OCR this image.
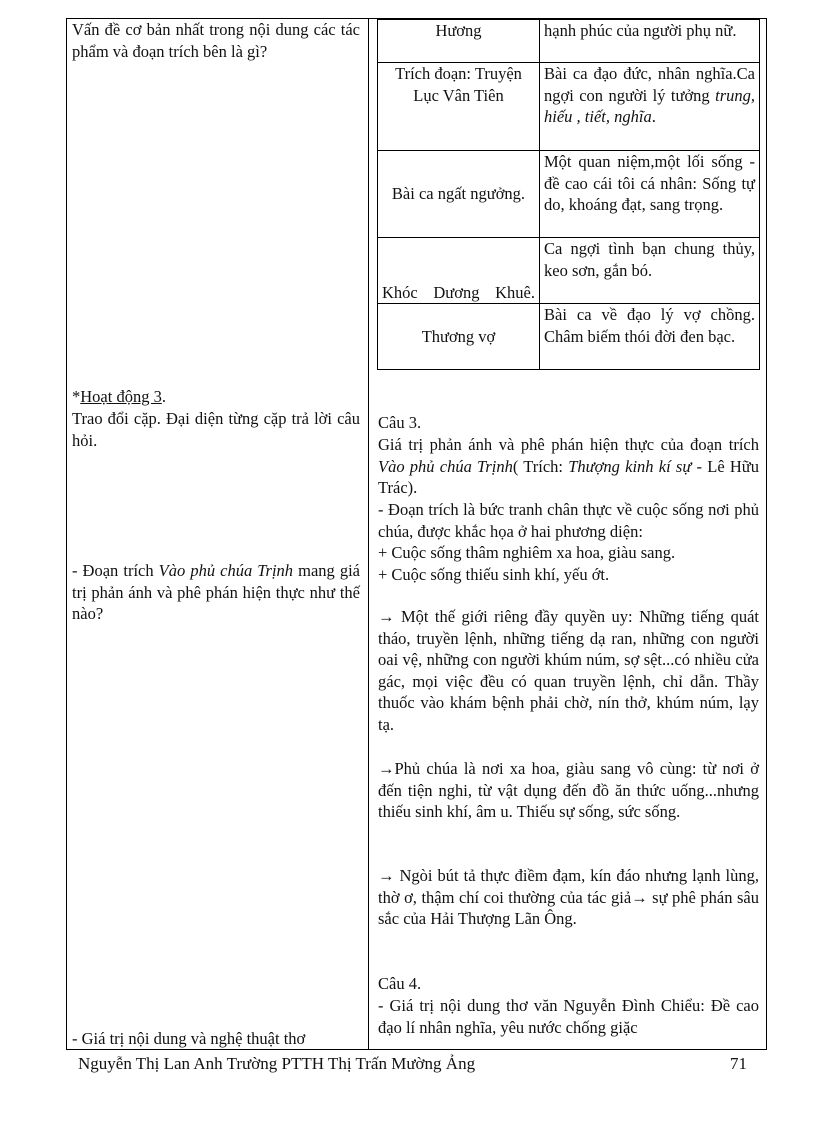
Vấn đề cơ bản nhất trong nội dung các tác phẩm và đoạn trích bên là gì?

*Hoạt động 3.

Trao đổi cặp. Đại diện từng cặp trả lời câu hỏi.

- Đoạn trích Vào phủ chúa Trịnh mang giá trị phản ánh và phê phán hiện thực như thế nào?

- Giá trị nội dung và nghệ thuật thơ

Hương	hạnh phúc của người phụ nữ.
Trích đoạn: Truyện Lục Vân Tiên	Bài ca đạo đức, nhân nghĩa.Ca ngợi con người lý tưởng trung, hiếu , tiết, nghĩa.
Bài ca ngất ngưởng.	Một quan niệm,một lối sống - đề cao cái tôi cá nhân: Sống tự do, khoáng đạt, sang trọng.
Khóc Dương Khuê.	Ca ngợi tình bạn chung thủy, keo sơn, gắn bó.
Thương vợ	Bài ca về đạo lý vợ chồng. Châm biếm thói đời đen bạc.

Câu 3.

Giá trị phản ánh và phê phán hiện thực của đoạn trích Vào phủ chúa Trịnh( Trích: Thượng kinh kí sự - Lê Hữu Trác).

- Đoạn trích là bức tranh chân thực về cuộc sống nơi phủ chúa, được khắc họa ở hai phương diện:

+ Cuộc sống thâm nghiêm xa hoa, giàu sang.

+ Cuộc sống thiếu sinh khí, yếu ớt.

→ Một thế giới riêng đầy quyền uy: Những tiếng quát tháo, truyền lệnh, những tiếng dạ ran, những con người oai vệ, những con người khúm núm, sợ sệt...có nhiều cửa gác, mọi việc đều có quan truyền lệnh, chỉ dẫn. Thầy thuốc vào khám bệnh phải chờ, nín thở, khúm núm, lạy tạ.

→Phủ chúa là nơi xa hoa, giàu sang vô cùng: từ nơi ở đến tiện nghi, từ vật dụng đến đồ ăn thức uống...nhưng thiếu sinh khí, âm u. Thiếu sự sống, sức sống.

→ Ngòi bút tả thực điềm đạm, kín đáo nhưng lạnh lùng, thờ ơ, thậm chí coi thường của tác giả→ sự phê phán sâu sắc của Hải Thượng Lãn Ông.

Câu 4.

- Giá trị nội dung thơ văn Nguyễn Đình Chiểu: Đề cao đạo lí nhân nghĩa, yêu nước chống giặc

Nguyễn Thị Lan Anh Trường PTTH Thị Trấn Mường Ảng	71
